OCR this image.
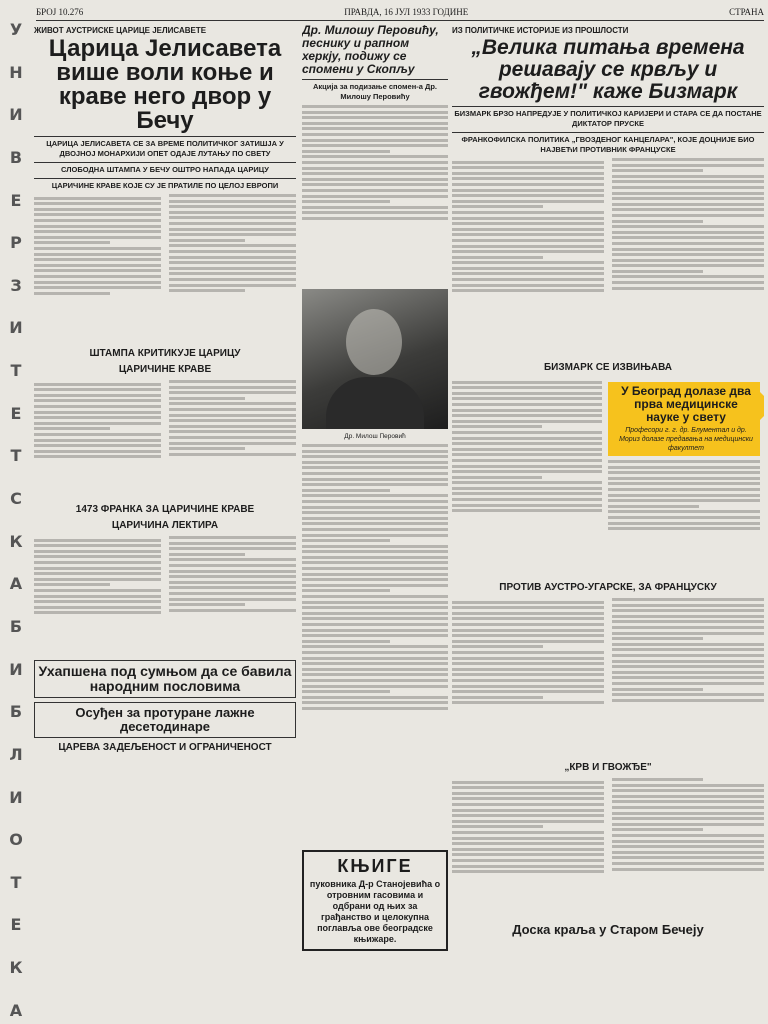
БРОЈ 10.276	ПРАВДА, 16 ЈУЛ 1933 ГОДИНЕ	СТРАНА
У
Н
И
В
Е
Р
З
И
Т
Е
Т
С
К
А
Б
И
Б
Л
И
О
Т
Е
К
А
ЖИВОТ АУСТРИСКЕ ЦАРИЦЕ ЈЕЛИСАВЕТЕ
Царица Јелисавета више воли коње и краве него двор у Бечу
ЦАРИЦА ЈЕЛИСАВЕТА СЕ ЗА ВРЕМЕ ПОЛИТИЧКОГ ЗАТИШЈА У ДВОЈНОЈ МОНАРХИЈИ ОПЕТ ОДАЈЕ ЛУТАЊУ ПО СВЕТУ
СЛОБОДНА ШТАМПА У БЕЧУ ОШТРО НАПАДА ЦАРИЦУ
ЦАРИЧИНЕ КРАВЕ КОЈЕ СУ ЈЕ ПРАТИЛЕ ПО ЦЕЛОЈ ЕВРОПИ
ШТАМПА КРИТИКУЈЕ ЦАРИЦУ
ЦАРИЧИНЕ КРАВЕ
1473 ФРАНКА ЗА ЦАРИЧИНЕ КРАВЕ
ЦАРИЧИНА ЛЕКТИРА
Ухапшена под сумњом да се бавила народним пословима
Осуђен за протуране лажне десетодинаре
ЦАРЕВА ЗАДЕЉЕНОСТ И ОГРАНИЧЕНОСТ
Др. Милошу Перовићу, песнику и рапном херкју, подижу се спомени у Скопљу
Акција за подизање спомен-а Др. Милошу Перовићу
Др. Милош Перовић
КЊИГЕ
пуковника Д-р Станојевића о отровним гасовима и одбрани од њих за грађанство и целокупна поглавља ове београдске књижаре.
ИЗ ПОЛИТИЧКЕ ИСТОРИЈЕ ИЗ ПРОШЛОСТИ
„Велика питања времена решавају се крвљу и гвожђем!" каже Бизмарк
БИЗМАРК БРЗО НАПРЕДУЈЕ У ПОЛИТИЧКОЈ КАРИЈЕРИ И СТАРА СЕ ДА ПОСТАНЕ ДИКТАТОР ПРУСКЕ
ФРАНКОФИЛСКА ПОЛИТИКА „ГВОЗДЕНОГ КАНЦЕЛАРА", КОЈЕ ДОЦНИЈЕ БИО НАЈВЕЋИ ПРОТИВНИК ФРАНЦУСКЕ
БИЗМАРК СЕ ИЗВИЊАВА
У Београд долазе два прва медицинске науке у свету
Професори г. г. др. Блументал и др. Мориз долазе предавања на медицински факултет
ПРОТИВ АУСТРО-УГАРСКЕ, ЗА ФРАНЦУСКУ
„КРВ И ГВОЖЂЕ"
Доска краља у Старом Бечеју
